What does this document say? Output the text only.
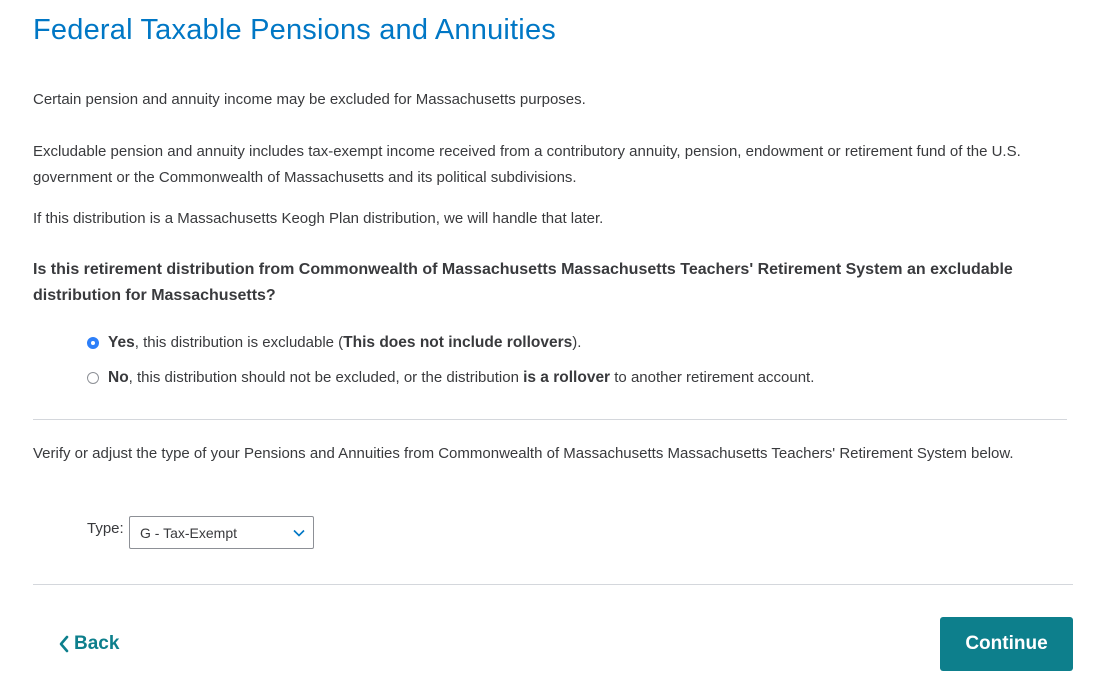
Federal Taxable Pensions and Annuities

Certain pension and annuity income may be excluded for Massachusetts purposes.

Excludable pension and annuity includes tax-exempt income received from a contributory annuity, pension, endowment or retirement fund of the U.S. government or the Commonwealth of Massachusetts and its political subdivisions.

If this distribution is a Massachusetts Keogh Plan distribution, we will handle that later.

Is this retirement distribution from Commonwealth of Massachusetts Massachusetts Teachers' Retirement System an excludable distribution for Massachusetts?

Yes, this distribution is excludable (This does not include rollovers).
No, this distribution should not be excluded, or the distribution is a rollover to another retirement account.

Verify or adjust the type of your Pensions and Annuities from Commonwealth of Massachusetts Massachusetts Teachers' Retirement System below.

Type: G - Tax-Exempt
Back	Continue
